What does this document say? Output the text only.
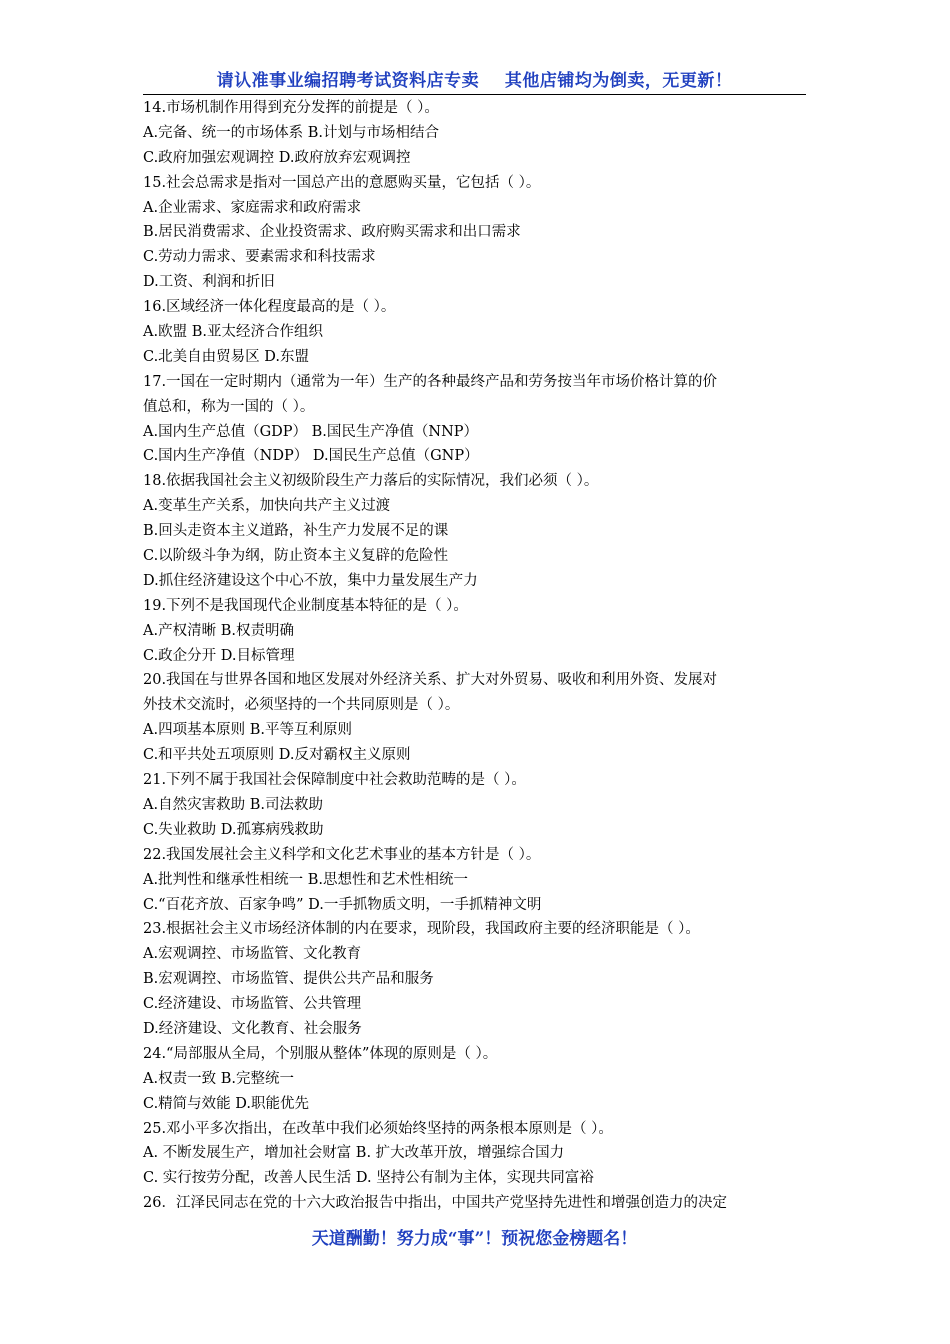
请认准事业编招聘考试资料店专卖    其他店铺均为倒卖，无更新！
14.市场机制作用得到充分发挥的前提是（ ）。
A.完备、统一的市场体系 B.计划与市场相结合
C.政府加强宏观调控 D.政府放弃宏观调控
15.社会总需求是指对一国总产出的意愿购买量，它包括（ ）。
A.企业需求、家庭需求和政府需求
B.居民消费需求、企业投资需求、政府购买需求和出口需求
C.劳动力需求、要素需求和科技需求
D.工资、利润和折旧
16.区域经济一体化程度最高的是（ ）。
A.欧盟 B.亚太经济合作组织
C.北美自由贸易区 D.东盟
17.一国在一定时期内（通常为一年）生产的各种最终产品和劳务按当年市场价格计算的价
值总和，称为一国的（ ）。
A.国内生产总值（GDP） B.国民生产净值（NNP）
C.国内生产净值（NDP） D.国民生产总值（GNP）
18.依据我国社会主义初级阶段生产力落后的实际情况，我们必须（ ）。
A.变革生产关系，加快向共产主义过渡
B.回头走资本主义道路，补生产力发展不足的课
C.以阶级斗争为纲，防止资本主义复辟的危险性
D.抓住经济建设这个中心不放，集中力量发展生产力
19.下列不是我国现代企业制度基本特征的是（ ）。
A.产权清晰 B.权责明确
C.政企分开 D.目标管理
20.我国在与世界各国和地区发展对外经济关系、扩大对外贸易、吸收和利用外资、发展对
外技术交流时，必须坚持的一个共同原则是（ ）。
A.四项基本原则 B.平等互利原则
C.和平共处五项原则 D.反对霸权主义原则
21.下列不属于我国社会保障制度中社会救助范畴的是（ ）。
A.自然灾害救助 B.司法救助
C.失业救助 D.孤寡病残救助
22.我国发展社会主义科学和文化艺术事业的基本方针是（ ）。
A.批判性和继承性相统一 B.思想性和艺术性相统一
C.“百花齐放、百家争鸣” D.一手抓物质文明，一手抓精神文明
23.根据社会主义市场经济体制的内在要求，现阶段，我国政府主要的经济职能是（ ）。
A.宏观调控、市场监管、文化教育
B.宏观调控、市场监管、提供公共产品和服务
C.经济建设、市场监管、公共管理
D.经济建设、文化教育、社会服务
24.“局部服从全局，个别服从整体”体现的原则是（ ）。
A.权责一致 B.完整统一
C.精简与效能 D.职能优先
25.邓小平多次指出，在改革中我们必须始终坚持的两条根本原则是（ ）。
A. 不断发展生产，增加社会财富 B. 扩大改革开放，增强综合国力
C. 实行按劳分配，改善人民生活 D. 坚持公有制为主体，实现共同富裕
26．江泽民同志在党的十六大政治报告中指出，中国共产党坚持先进性和增强创造力的决定
天道酬勤！努力成“事”！预祝您金榜题名！
